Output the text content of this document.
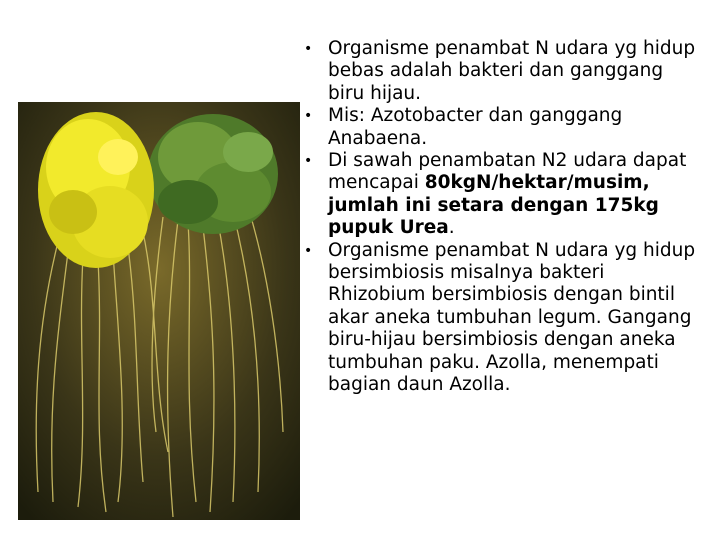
• Organisme penambat N udara yg hidup bebas adalah bakteri dan ganggang biru hijau.
• Mis: Azotobacter dan ganggang Anabaena.
• Di sawah penambatan N2 udara dapat mencapai 80kgN/hektar/musim, jumlah ini setara dengan 175kg pupuk Urea.
• Organisme penambat N udara yg hidup bersimbiosis misalnya bakteri Rhizobium bersimbiosis dengan bintil akar aneka tumbuhan legum. Gangang biru-hijau bersimbiosis dengan aneka tumbuhan paku. Azolla, menempati bagian daun Azolla.
